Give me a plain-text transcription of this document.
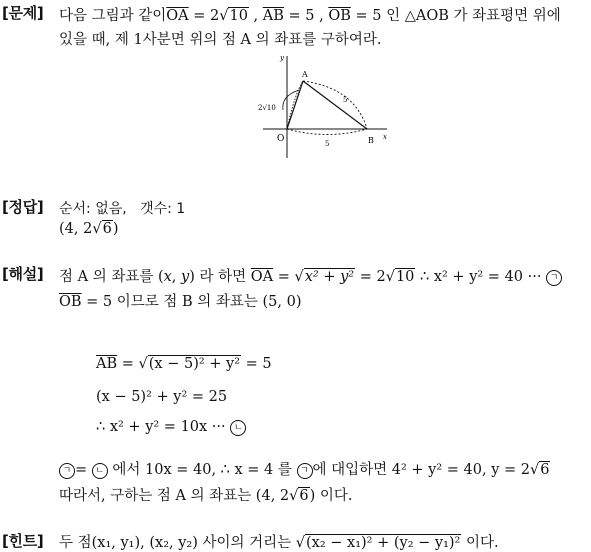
[문제] 다음 그림과 같이$\overline{OA} = 2√10$ , $\overline{AB} = 5$ , $\overline{OB} = 5$ 인 △AOB 가 좌표평면 위에
있을 때, 제 1사분면 위의 점 A 의 좌표를 구하여라.
y
x
O
A
B
2√10
5
5
[정답] 순서: 없음, 갯수: 1
(4, 2√6)
[해설] 점 A 의 좌표를 (x, y) 라 하면 $\overline{OA} = √x^2 + y^2 = 2√10$ ∴ x² + y² = 40 ··· ㄱ
$\overline{OB} = 5$ 이므로 점 B 의 좌표는 (5, 0)
$\overline{AB} = √(x - 5)^2 + y^2 = 5$
(x − 5)² + y² = 25
∴ x² + y² = 10x ··· ㄴ
ㄱ = ㄴ 에서 10x = 40, ∴ x = 4 를 ㄱ 에 대입하면 4² + y² = 40, y = 2√6
따라서, 구하는 점 A 의 좌표는 (4, 2√6) 이다.
[힌트] 두 점(x₁, y₁), (x₂, y₂) 사이의 거리는 √(x₂ − x₁)² + (y₂ − y₁)² 이다.
